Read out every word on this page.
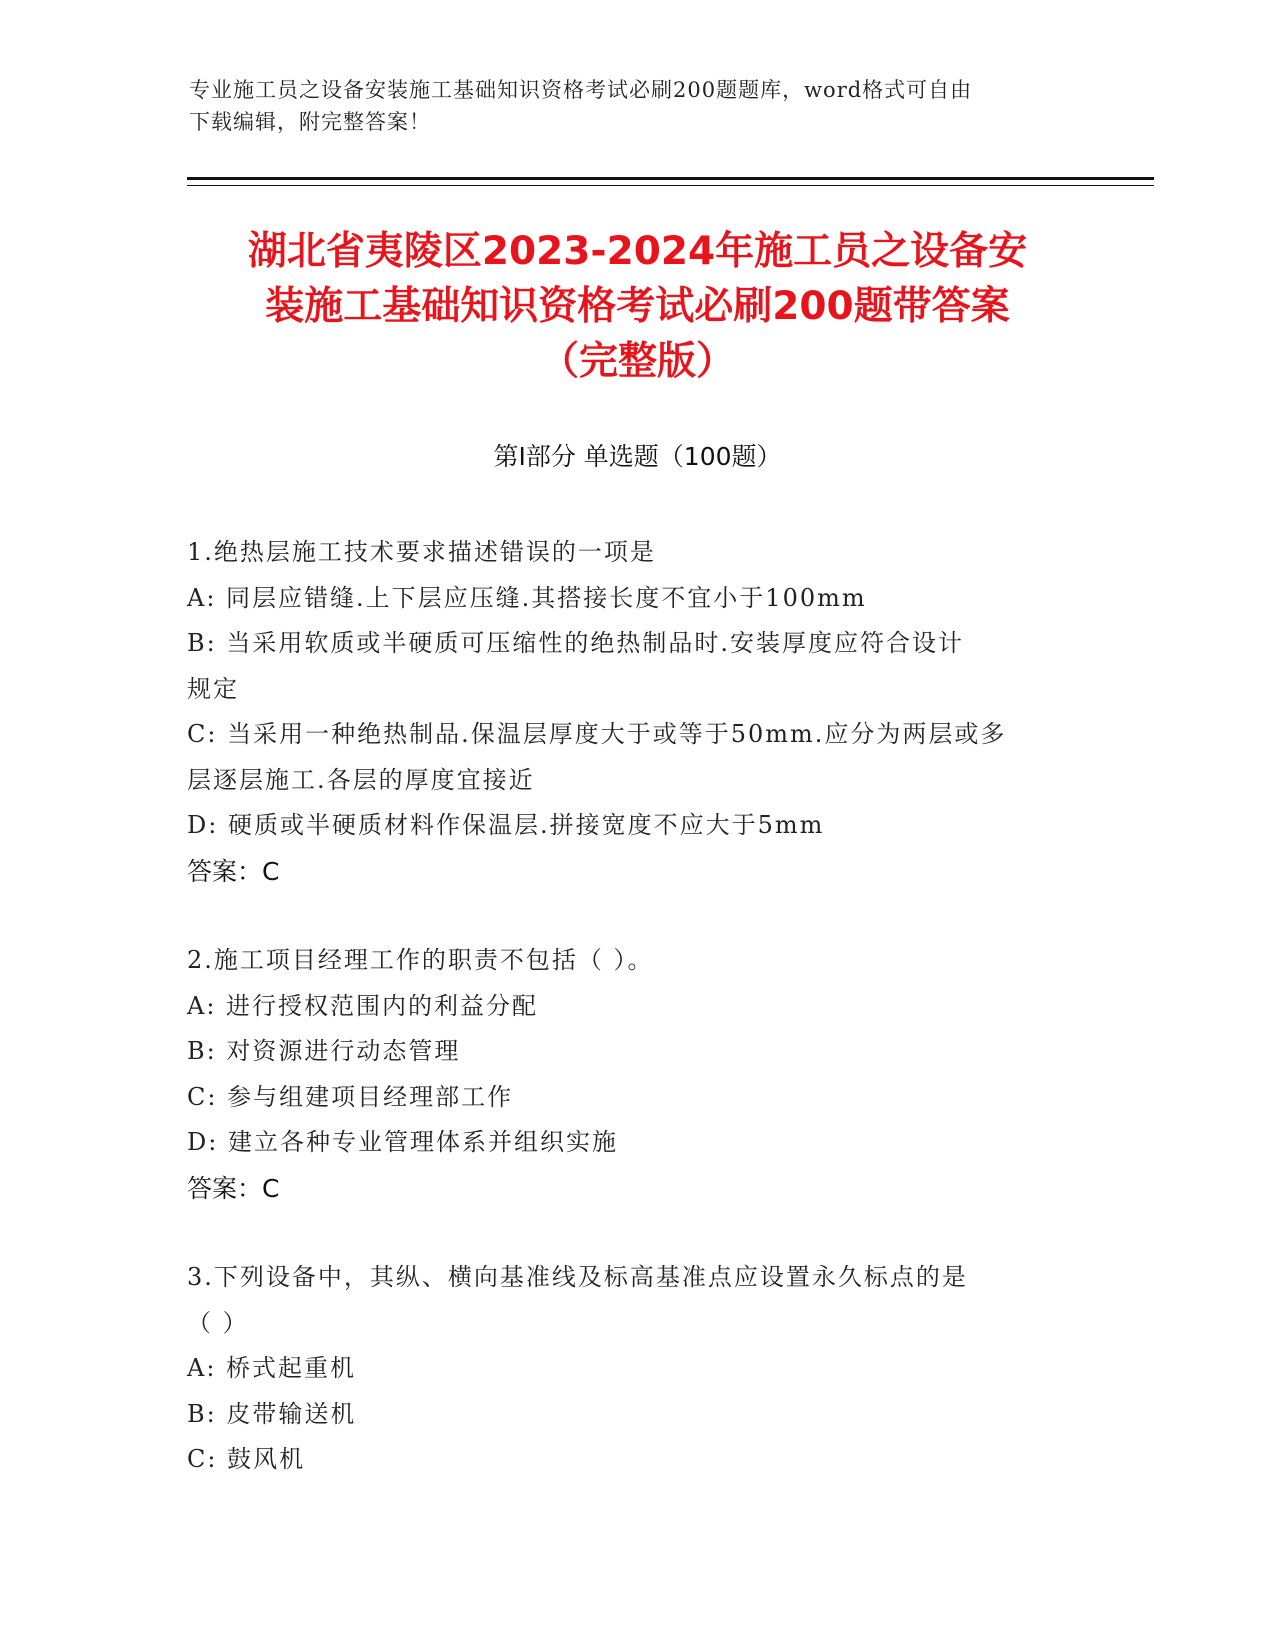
专业施工员之设备安装施工基础知识资格考试必刷200题题库，word格式可自由
下载编辑，附完整答案！
湖北省夷陵区2023-2024年施工员之设备安
装施工基础知识资格考试必刷200题带答案
（完整版）
第Ⅰ部分 单选题（100题）
1.绝热层施工技术要求描述错误的一项是
A: 同层应错缝.上下层应压缝.其搭接长度不宜小于100mm
B: 当采用软质或半硬质可压缩性的绝热制品时.安装厚度应符合设计
规定
C: 当采用一种绝热制品.保温层厚度大于或等于50mm.应分为两层或多
层逐层施工.各层的厚度宜接近
D: 硬质或半硬质材料作保温层.拼接宽度不应大于5mm
答案：C
2.施工项目经理工作的职责不包括（ ）。
A: 进行授权范围内的利益分配
B: 对资源进行动态管理
C: 参与组建项目经理部工作
D: 建立各种专业管理体系并组织实施
答案：C
3.下列设备中，其纵、横向基准线及标高基准点应设置永久标点的是
（ ）
A: 桥式起重机
B: 皮带输送机
C: 鼓风机
